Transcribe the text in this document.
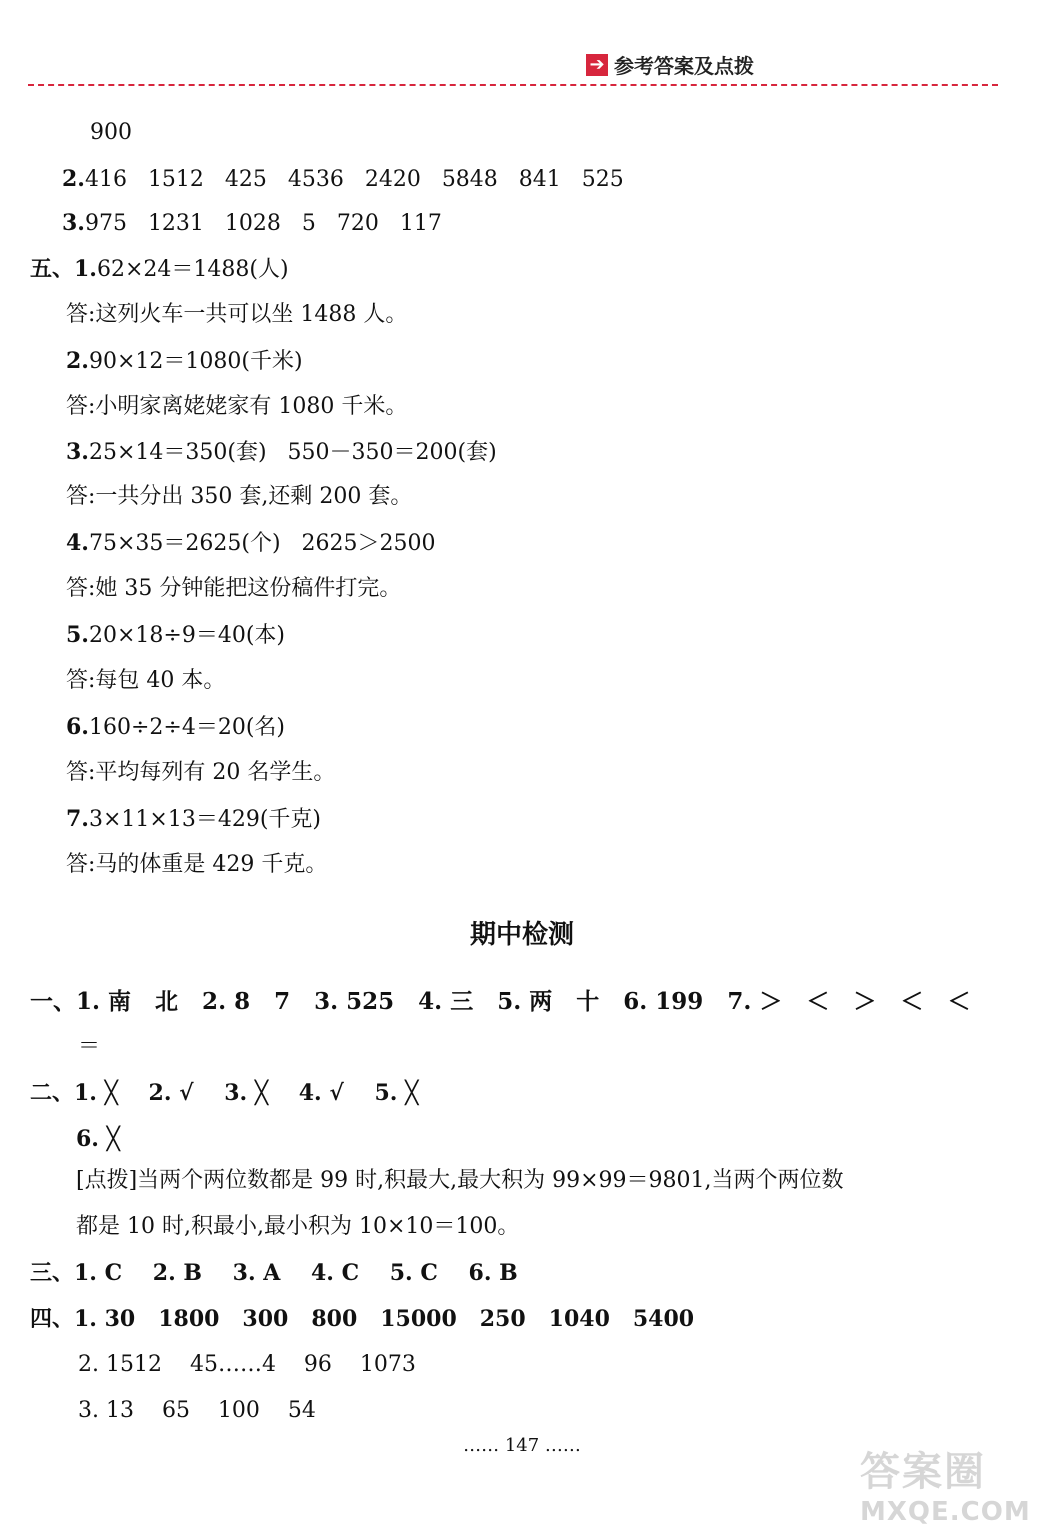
➔ 参考答案及点拨
900
2.416   1512   425   4536   2420   5848   841   525
3.975   1231   1028   5   720   117
五、1.62×24＝1488(人)
答:这列火车一共可以坐 1488 人。
2.90×12＝1080(千米)
答:小明家离姥姥家有 1080 千米。
3.25×14＝350(套)   550－350＝200(套)
答:一共分出 350 套,还剩 200 套。
4.75×35＝2625(个)   2625＞2500
答:她 35 分钟能把这份稿件打完。
5.20×18÷9＝40(本)
答:每包 40 本。
6.160÷2÷4＝20(名)
答:平均每列有 20 名学生。
7.3×11×13＝429(千克)
答:马的体重是 429 千克。
期中检测
一、1. 南   北   2. 8   7   3. 525   4. 三   5. 两   十   6. 199   7. ＞   ＜   ＞   ＜   ＜
＝
二、1. ╳    2. √    3. ╳    4. √    5. ╳
6. ╳
[点拨]当两个两位数都是 99 时,积最大,最大积为 99×99＝9801,当两个两位数
都是 10 时,积最小,最小积为 10×10＝100。
三、1. C    2. B    3. A    4. C    5. C    6. B
四、1. 30   1800   300   800   15000   250   1040   5400
2. 1512    45……4    96    1073
3. 13    65    100    54
…… 147 ……
答案圈
MXQE.COM
